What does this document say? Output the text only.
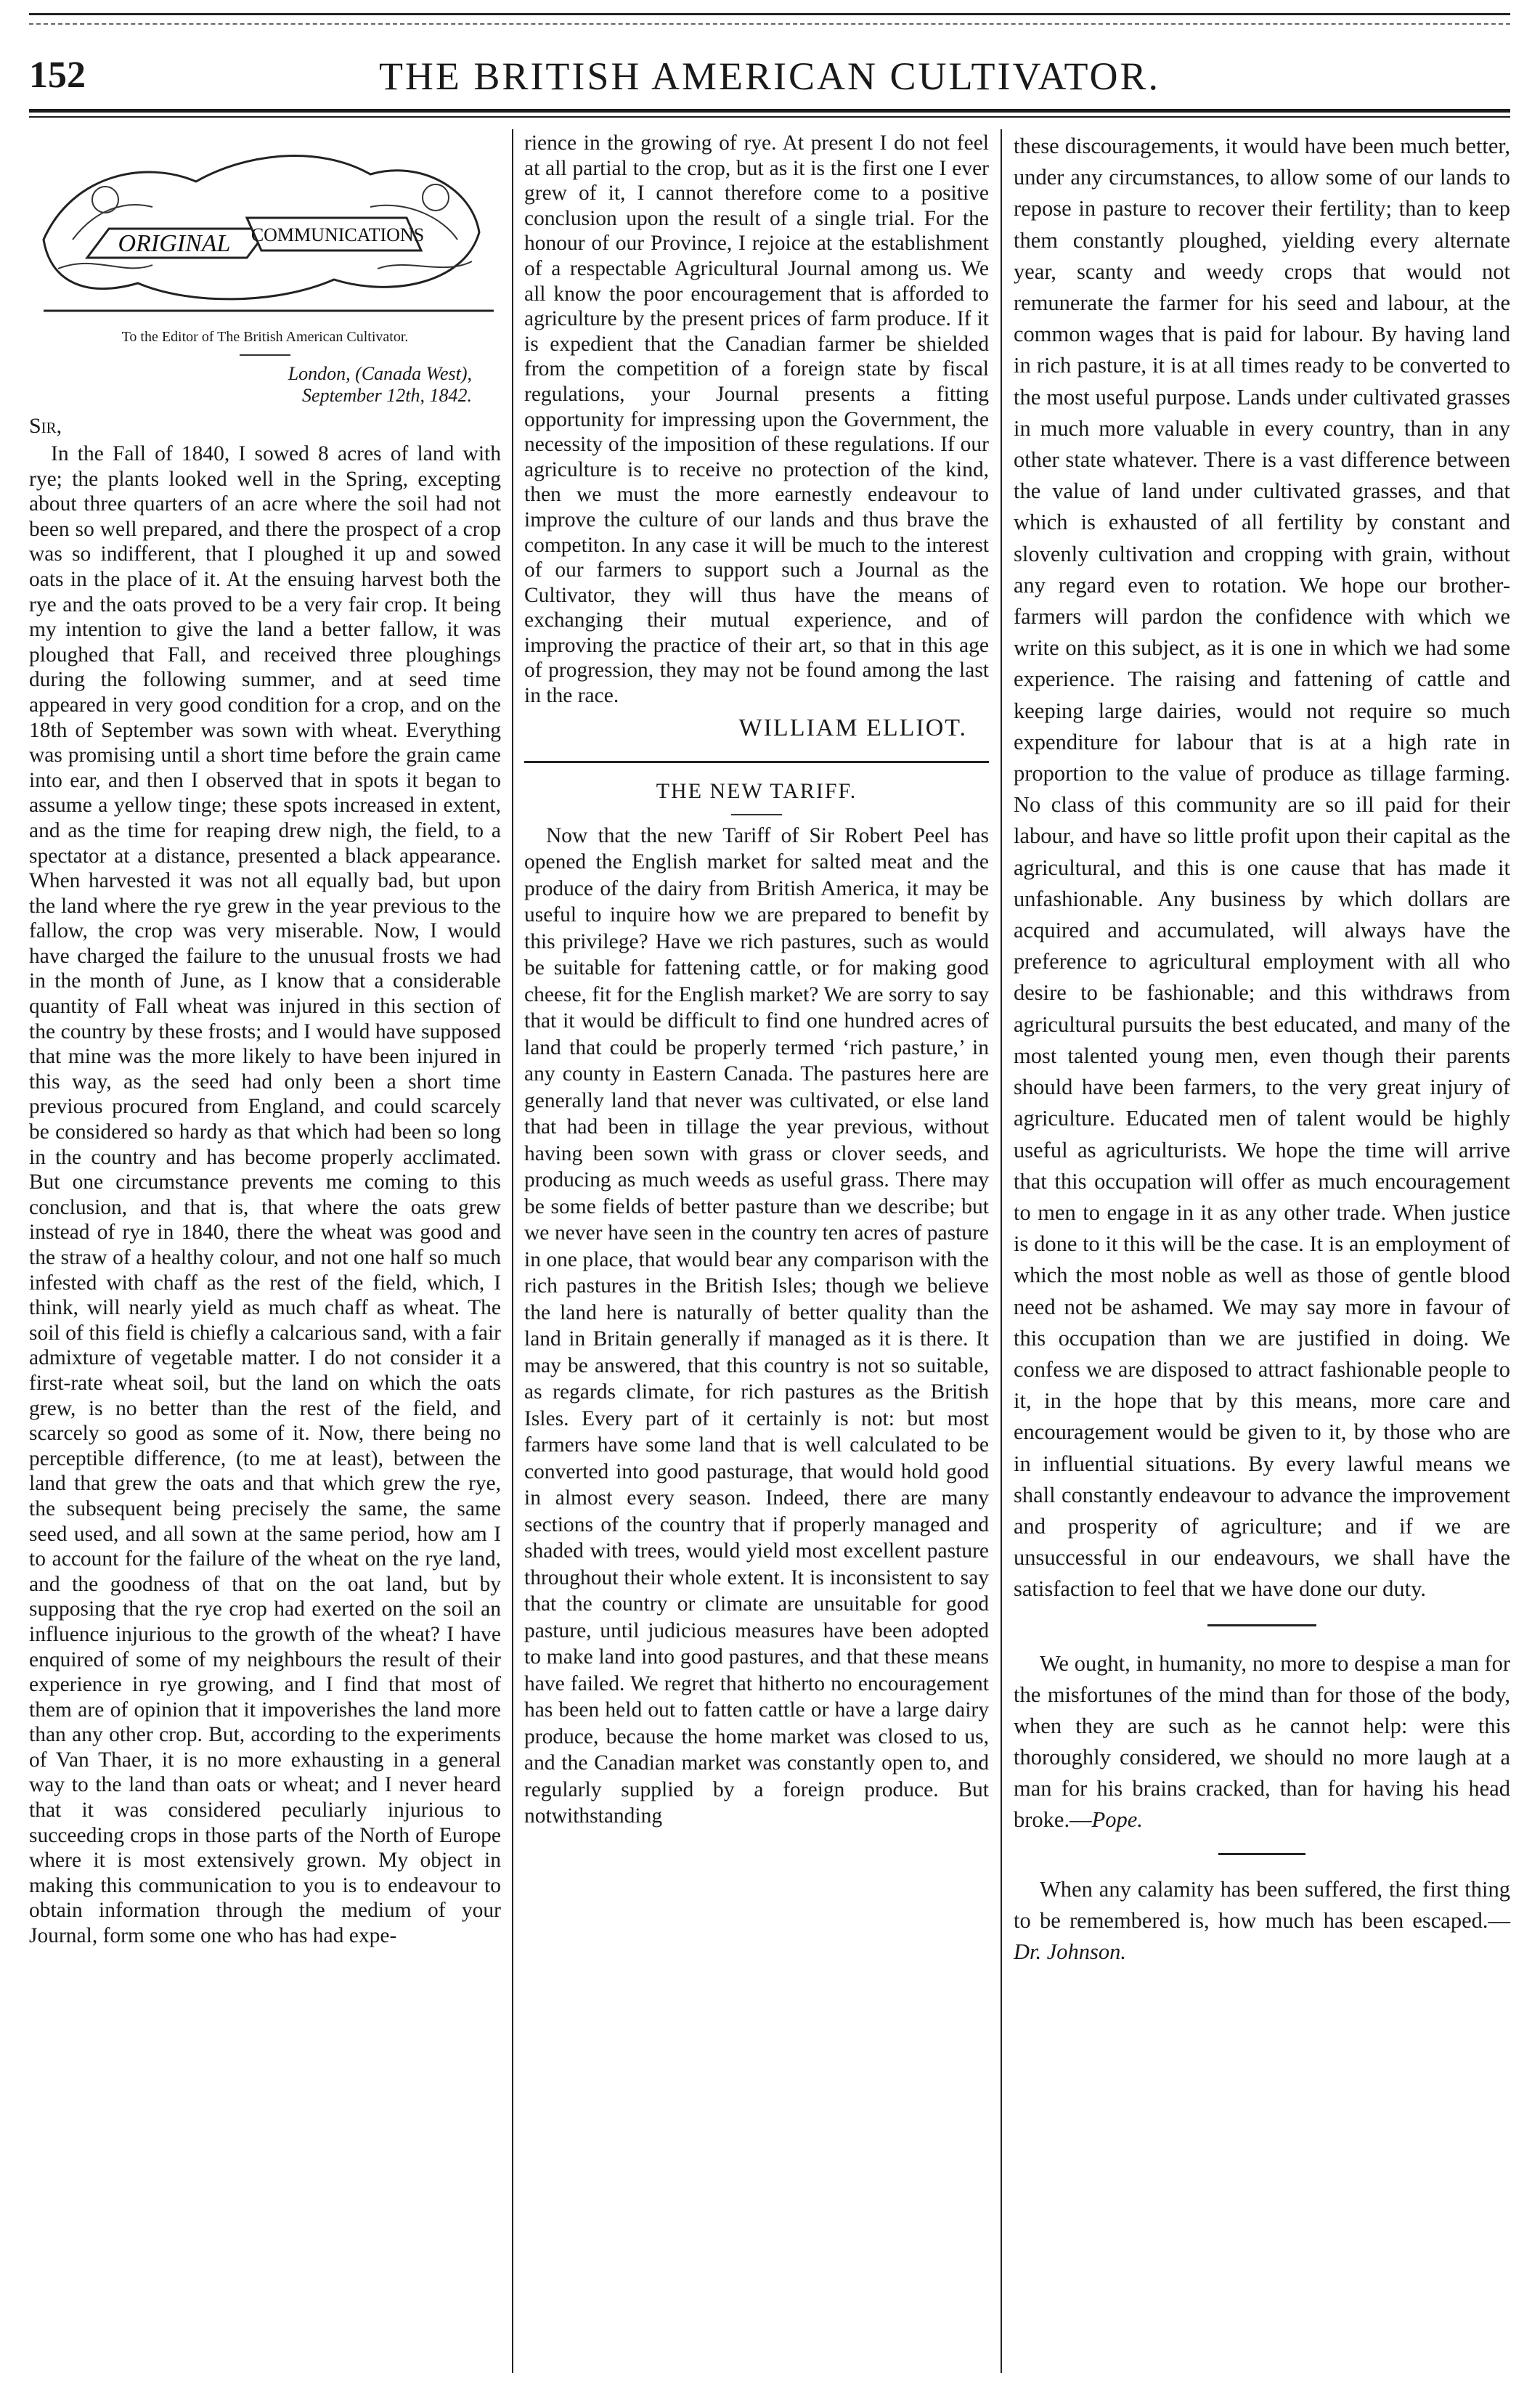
152	THE BRITISH AMERICAN CULTIVATOR.
ORIGINAL COMMUNICATIONS
To the Editor of The British American Cultivator.
London, (Canada West),
September 12th, 1842.
Sir,

In the Fall of 1840, I sowed 8 acres of land with rye; the plants looked well in the Spring, excepting about three quarters of an acre where the soil had not been so well prepared, and there the prospect of a crop was so indifferent, that I ploughed it up and sowed oats in the place of it. At the ensuing harvest both the rye and the oats proved to be a very fair crop. It being my intention to give the land a better fallow, it was ploughed that Fall, and received three ploughings during the following summer, and at seed time appeared in very good condition for a crop, and on the 18th of September was sown with wheat. Everything was promising until a short time before the grain came into ear, and then I observed that in spots it began to assume a yellow tinge; these spots increased in extent, and as the time for reaping drew nigh, the field, to a spectator at a distance, presented a black appearance. When harvested it was not all equally bad, but upon the land where the rye grew in the year previous to the fallow, the crop was very miserable. Now, I would have charged the failure to the unusual frosts we had in the month of June, as I know that a considerable quantity of Fall wheat was injured in this section of the country by these frosts; and I would have supposed that mine was the more likely to have been injured in this way, as the seed had only been a short time previous procured from England, and could scarcely be considered so hardy as that which had been so long in the country and has become properly acclimated. But one circumstance prevents me coming to this conclusion, and that is, that where the oats grew instead of rye in 1840, there the wheat was good and the straw of a healthy colour, and not one half so much infested with chaff as the rest of the field, which, I think, will nearly yield as much chaff as wheat. The soil of this field is chiefly a calcarious sand, with a fair admixture of vegetable matter. I do not consider it a first-rate wheat soil, but the land on which the oats grew, is no better than the rest of the field, and scarcely so good as some of it. Now, there being no perceptible difference, (to me at least), between the land that grew the oats and that which grew the rye, the subsequent being precisely the same, the same seed used, and all sown at the same period, how am I to account for the failure of the wheat on the rye land, and the goodness of that on the oat land, but by supposing that the rye crop had exerted on the soil an influence injurious to the growth of the wheat? I have enquired of some of my neighbours the result of their experience in rye growing, and I find that most of them are of opinion that it impoverishes the land more than any other crop. But, according to the experiments of Van Thaer, it is no more exhausting in a general way to the land than oats or wheat; and I never heard that it was considered peculiarly injurious to succeeding crops in those parts of the North of Europe where it is most extensively grown. My object in making this communication to you is to endeavour to obtain information through the medium of your Journal, form some one who has had expe-

rience in the growing of rye. At present I do not feel at all partial to the crop, but as it is the first one I ever grew of it, I cannot therefore come to a positive conclusion upon the result of a single trial. For the honour of our Province, I rejoice at the establishment of a respectable Agricultural Journal among us. We all know the poor encouragement that is afforded to agriculture by the present prices of farm produce. If it is expedient that the Canadian farmer be shielded from the competition of a foreign state by fiscal regulations, your Journal presents a fitting opportunity for impressing upon the Government, the necessity of the imposition of these regulations. If our agriculture is to receive no protection of the kind, then we must the more earnestly endeavour to improve the culture of our lands and thus brave the competiton. In any case it will be much to the interest of our farmers to support such a Journal as the Cultivator, they will thus have the means of exchanging their mutual experience, and of improving the practice of their art, so that in this age of progression, they may not be found among the last in the race.

WILLIAM ELLIOT.
THE NEW TARIFF.

Now that the new Tariff of Sir Robert Peel has opened the English market for salted meat and the produce of the dairy from British America, it may be useful to inquire how we are prepared to benefit by this privilege? Have we rich pastures, such as would be suitable for fattening cattle, or for making good cheese, fit for the English market? We are sorry to say that it would be difficult to find one hundred acres of land that could be properly termed ‘rich pasture,’ in any county in Eastern Canada. The pastures here are generally land that never was cultivated, or else land that had been in tillage the year previous, without having been sown with grass or clover seeds, and producing as much weeds as useful grass. There may be some fields of better pasture than we describe; but we never have seen in the country ten acres of pasture in one place, that would bear any comparison with the rich pastures in the British Isles; though we believe the land here is naturally of better quality than the land in Britain generally if managed as it is there. It may be answered, that this country is not so suitable, as regards climate, for rich pastures as the British Isles. Every part of it certainly is not: but most farmers have some land that is well calculated to be converted into good pasturage, that would hold good in almost every season. Indeed, there are many sections of the country that if properly managed and shaded with trees, would yield most excellent pasture throughout their whole extent. It is inconsistent to say that the country or climate are unsuitable for good pasture, until judicious measures have been adopted to make land into good pastures, and that these means have failed. We regret that hitherto no encouragement has been held out to fatten cattle or have a large dairy produce, because the home market was closed to us, and the Canadian market was constantly open to, and regularly supplied by a foreign produce. But notwithstanding

these discouragements, it would have been much better, under any circumstances, to allow some of our lands to repose in pasture to recover their fertility; than to keep them constantly ploughed, yielding every alternate year, scanty and weedy crops that would not remunerate the farmer for his seed and labour, at the common wages that is paid for labour. By having land in rich pasture, it is at all times ready to be converted to the most useful purpose. Lands under cultivated grasses in much more valuable in every country, than in any other state whatever. There is a vast difference between the value of land under cultivated grasses, and that which is exhausted of all fertility by constant and slovenly cultivation and cropping with grain, without any regard even to rotation. We hope our brother-farmers will pardon the confidence with which we write on this subject, as it is one in which we had some experience. The raising and fattening of cattle and keeping large dairies, would not require so much expenditure for labour that is at a high rate in proportion to the value of produce as tillage farming. No class of this community are so ill paid for their labour, and have so little profit upon their capital as the agricultural, and this is one cause that has made it unfashionable. Any business by which dollars are acquired and accumulated, will always have the preference to agricultural employment with all who desire to be fashionable; and this withdraws from agricultural pursuits the best educated, and many of the most talented young men, even though their parents should have been farmers, to the very great injury of agriculture. Educated men of talent would be highly useful as agriculturists. We hope the time will arrive that this occupation will offer as much encouragement to men to engage in it as any other trade. When justice is done to it this will be the case. It is an employment of which the most noble as well as those of gentle blood need not be ashamed. We may say more in favour of this occupation than we are justified in doing. We confess we are disposed to attract fashionable people to it, in the hope that by this means, more care and encouragement would be given to it, by those who are in influential situations. By every lawful means we shall constantly endeavour to advance the improvement and prosperity of agriculture; and if we are unsuccessful in our endeavours, we shall have the satisfaction to feel that we have done our duty.

We ought, in humanity, no more to despise a man for the misfortunes of the mind than for those of the body, when they are such as he cannot help: were this thoroughly considered, we should no more laugh at a man for his brains cracked, than for having his head broke.—Pope.

When any calamity has been suffered, the first thing to be remembered is, how much has been escaped.—Dr. Johnson.
